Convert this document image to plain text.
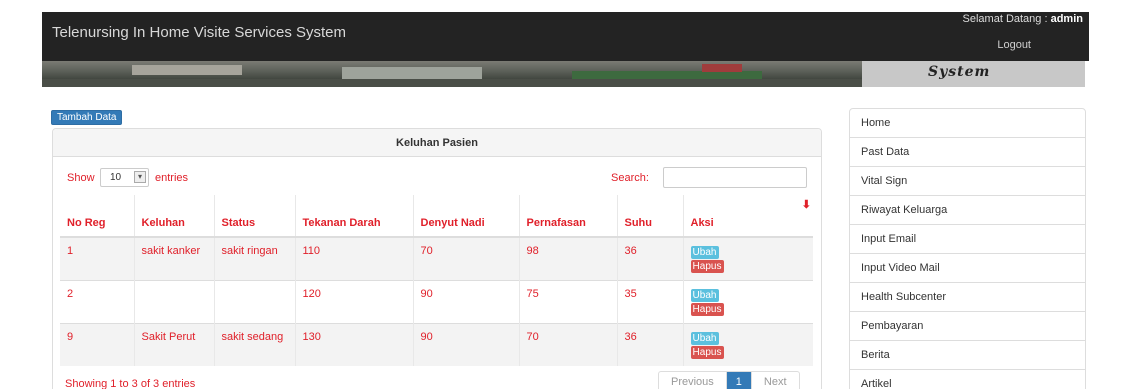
Telenursing In Home Visite Services System
Selamat Datang : admin
Logout
System
Tambah Data
Keluhan Pasien
Show	10	▾	entries	Search:
No Reg	Keluhan	Status	Tekanan Darah	Denyut Nadi	Pernafasan	Suhu	Aksi
⬇

1	sakit kanker	sakit ringan	110	70	98	36	Ubah
Hapus

2			120	90	75	35	Ubah
Hapus

9	Sakit Perut	sakit sedang	130	90	70	36	Ubah
Hapus
Showing 1 to 3 of 3 entries	Previous	1	Next
Home
Past Data
Vital Sign
Riwayat Keluarga
Input Email
Input Video Mail
Health Subcenter
Pembayaran
Berita
Artikel
